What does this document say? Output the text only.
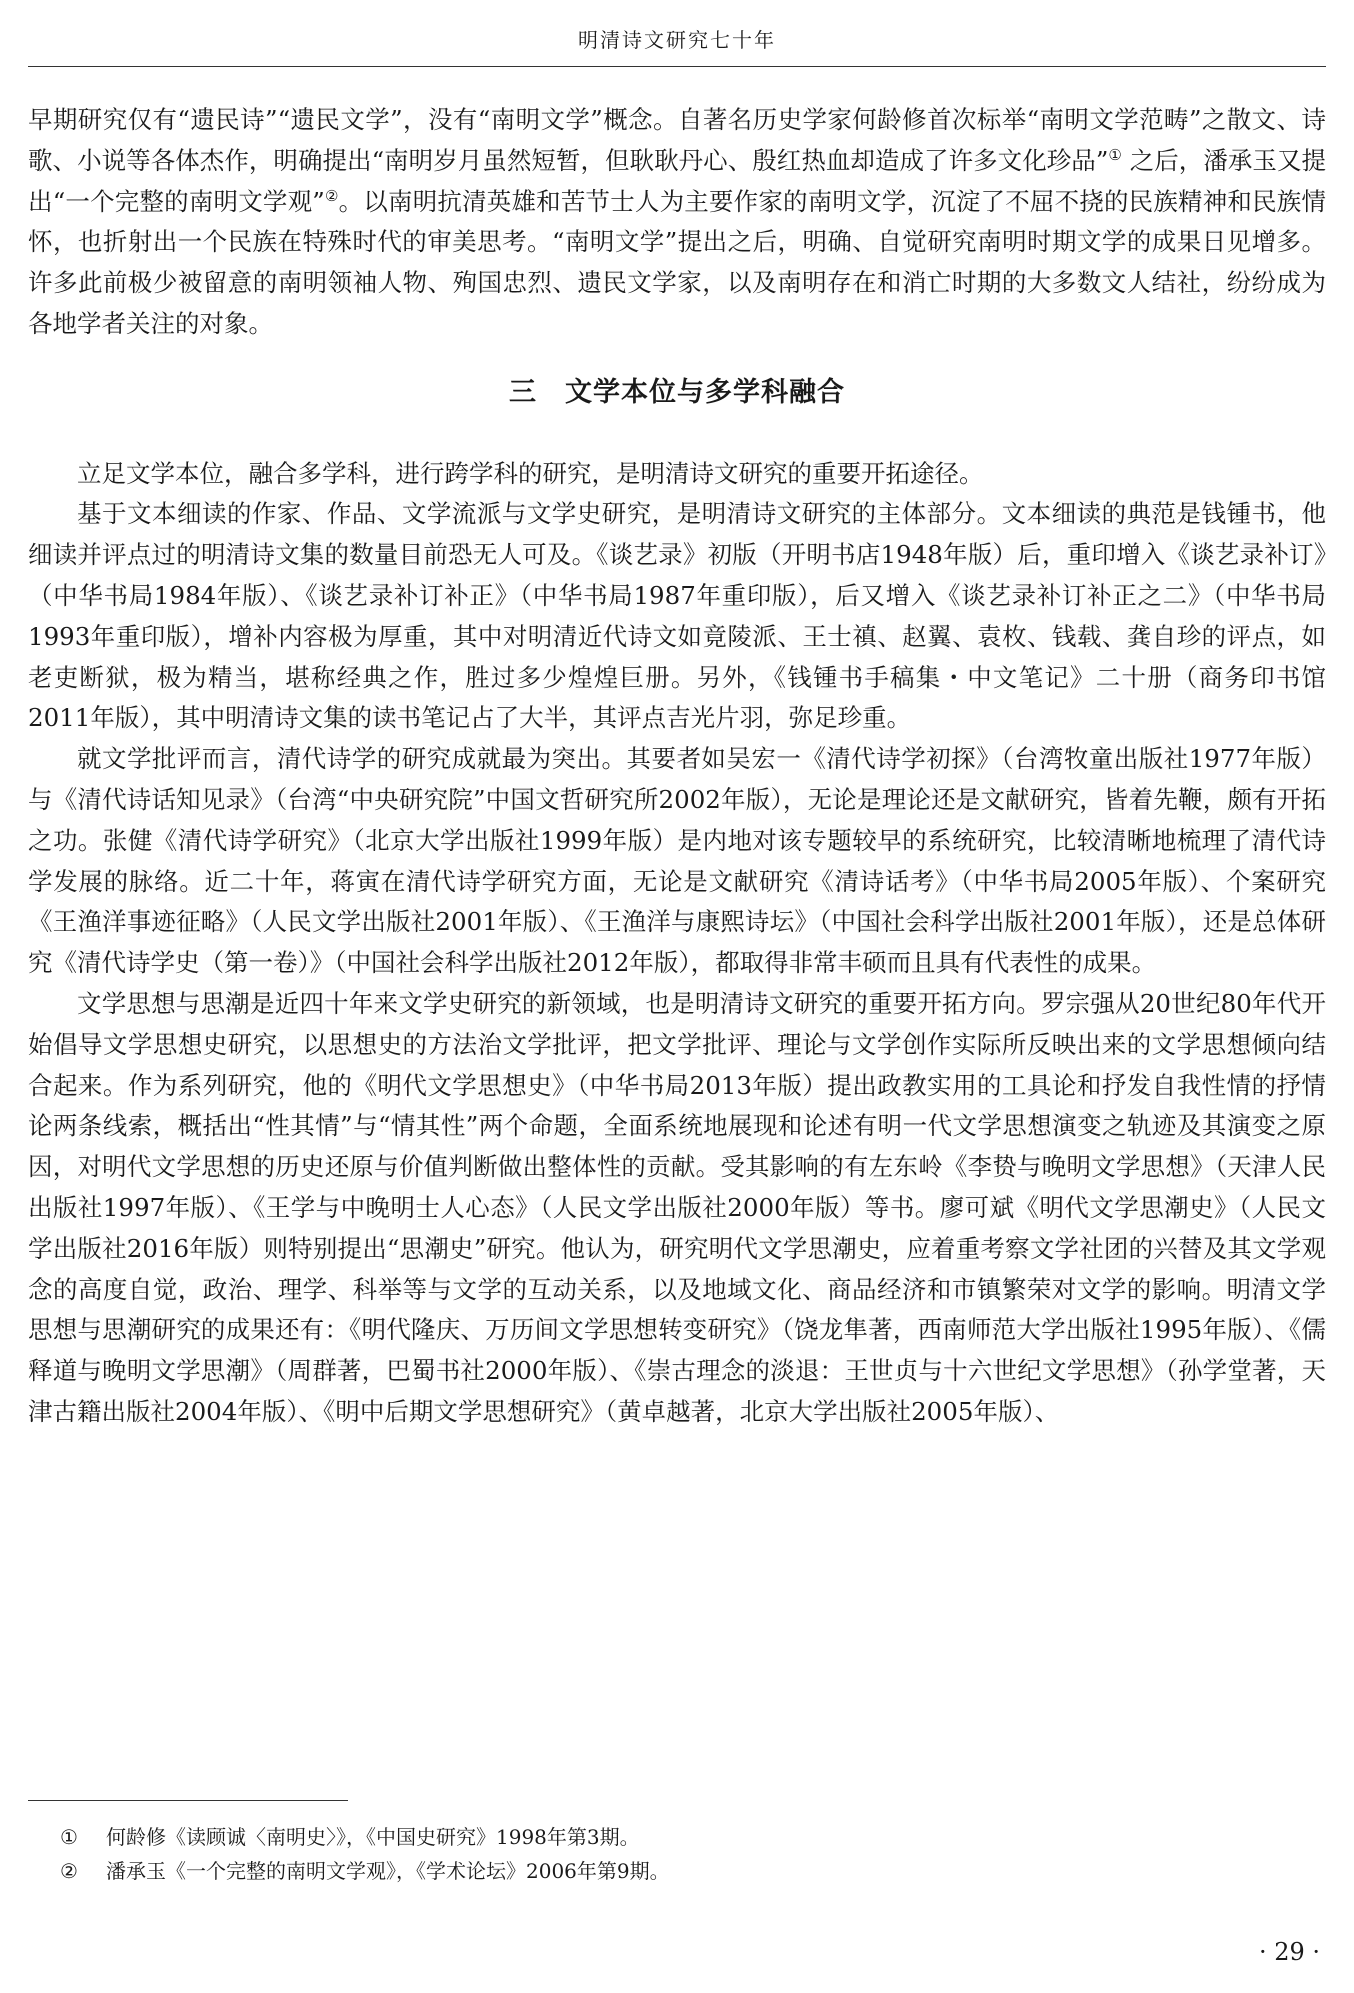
明清诗文研究七十年

早期研究仅有“遗民诗”“遗民文学”，没有“南明文学”概念。自著名历史学家何龄修首次标举“南明文学范畴”之散文、诗歌、小说等各体杰作，明确提出“南明岁月虽然短暂，但耿耿丹心、殷红热血却造成了许多文化珍品”① 之后，潘承玉又提出“一个完整的南明文学观”②。以南明抗清英雄和苦节士人为主要作家的南明文学，沉淀了不屈不挠的民族精神和民族情怀，也折射出一个民族在特殊时代的审美思考。“南明文学”提出之后，明确、自觉研究南明时期文学的成果日见增多。许多此前极少被留意的南明领袖人物、殉国忠烈、遗民文学家，以及南明存在和消亡时期的大多数文人结社，纷纷成为各地学者关注的对象。

三　文学本位与多学科融合

立足文学本位，融合多学科，进行跨学科的研究，是明清诗文研究的重要开拓途径。

基于文本细读的作家、作品、文学流派与文学史研究，是明清诗文研究的主体部分。文本细读的典范是钱锺书，他细读并评点过的明清诗文集的数量目前恐无人可及。《谈艺录》初版（开明书店1948年版）后，重印增入《谈艺录补订》（中华书局1984年版）、《谈艺录补订补正》（中华书局1987年重印版），后又增入《谈艺录补订补正之二》（中华书局1993年重印版），增补内容极为厚重，其中对明清近代诗文如竟陵派、王士禛、赵翼、袁枚、钱载、龚自珍的评点，如老吏断狱，极为精当，堪称经典之作，胜过多少煌煌巨册。另外，《钱锺书手稿集・中文笔记》二十册（商务印书馆2011年版），其中明清诗文集的读书笔记占了大半，其评点吉光片羽，弥足珍重。

就文学批评而言，清代诗学的研究成就最为突出。其要者如吴宏一《清代诗学初探》（台湾牧童出版社1977年版）与《清代诗话知见录》（台湾“中央研究院”中国文哲研究所2002年版），无论是理论还是文献研究，皆着先鞭，颇有开拓之功。张健《清代诗学研究》（北京大学出版社1999年版）是内地对该专题较早的系统研究，比较清晰地梳理了清代诗学发展的脉络。近二十年，蒋寅在清代诗学研究方面，无论是文献研究《清诗话考》（中华书局2005年版）、个案研究《王渔洋事迹征略》（人民文学出版社2001年版）、《王渔洋与康熙诗坛》（中国社会科学出版社2001年版），还是总体研究《清代诗学史（第一卷）》（中国社会科学出版社2012年版），都取得非常丰硕而且具有代表性的成果。

文学思想与思潮是近四十年来文学史研究的新领域，也是明清诗文研究的重要开拓方向。罗宗强从20世纪80年代开始倡导文学思想史研究，以思想史的方法治文学批评，把文学批评、理论与文学创作实际所反映出来的文学思想倾向结合起来。作为系列研究，他的《明代文学思想史》（中华书局2013年版）提出政教实用的工具论和抒发自我性情的抒情论两条线索，概括出“性其情”与“情其性”两个命题，全面系统地展现和论述有明一代文学思想演变之轨迹及其演变之原因，对明代文学思想的历史还原与价值判断做出整体性的贡献。受其影响的有左东岭《李贽与晚明文学思想》（天津人民出版社1997年版）、《王学与中晚明士人心态》（人民文学出版社2000年版）等书。廖可斌《明代文学思潮史》（人民文学出版社2016年版）则特别提出“思潮史”研究。他认为，研究明代文学思潮史，应着重考察文学社团的兴替及其文学观念的高度自觉，政治、理学、科举等与文学的互动关系，以及地域文化、商品经济和市镇繁荣对文学的影响。明清文学思想与思潮研究的成果还有：《明代隆庆、万历间文学思想转变研究》（饶龙隼著，西南师范大学出版社1995年版）、《儒释道与晚明文学思潮》（周群著，巴蜀书社2000年版）、《崇古理念的淡退：王世贞与十六世纪文学思想》（孙学堂著，天津古籍出版社2004年版）、《明中后期文学思想研究》（黄卓越著，北京大学出版社2005年版）、

①	何龄修《读顾诚〈南明史〉》，《中国史研究》1998年第3期。
②	潘承玉《一个完整的南明文学观》，《学术论坛》2006年第9期。
· 29 ·
